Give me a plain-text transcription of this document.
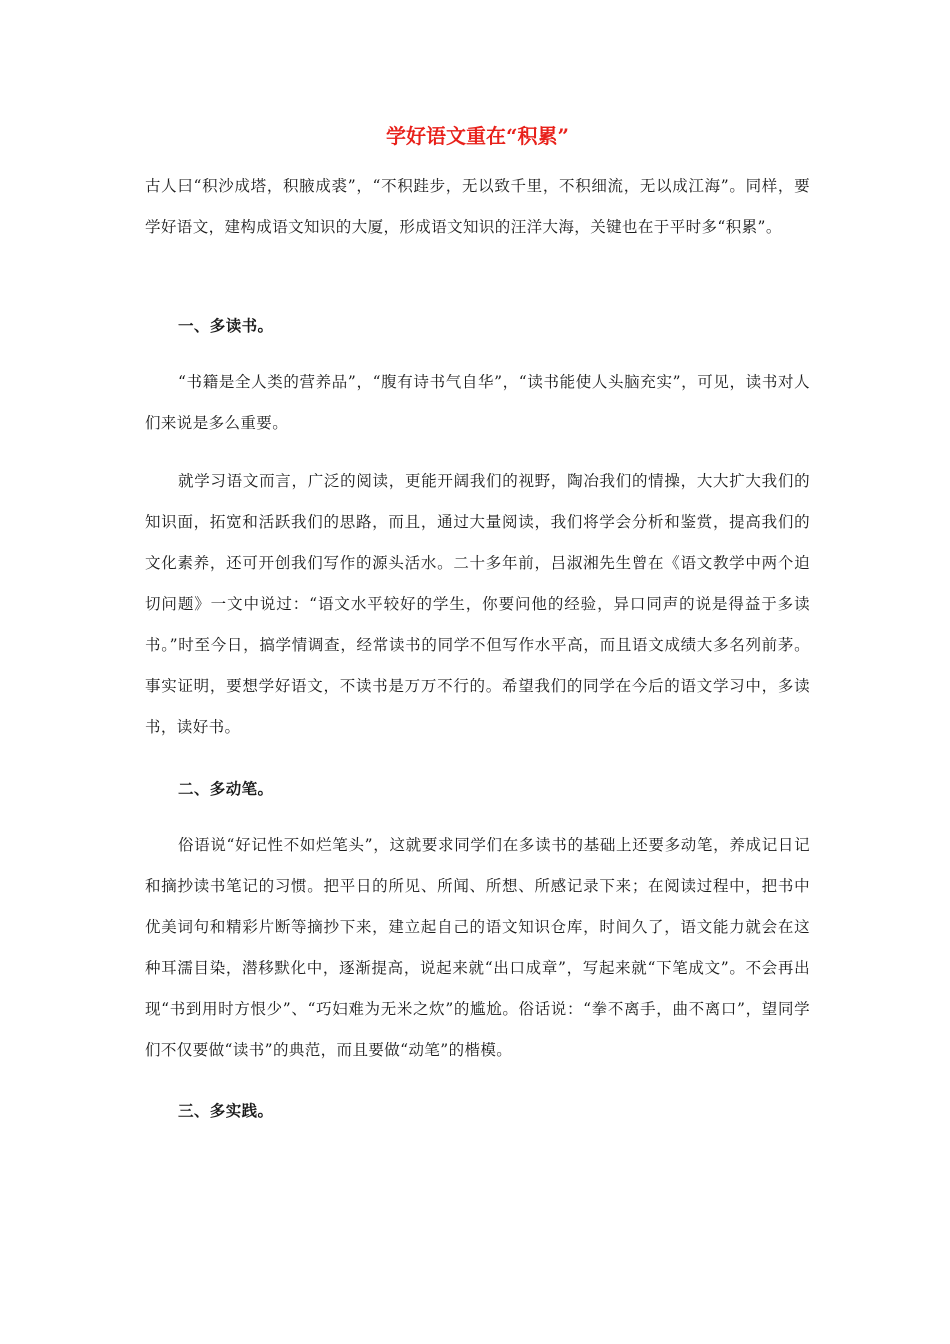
学好语文重在“积累”
古人曰“积沙成塔，积腋成裘”，“不积跬步，无以致千里，不积细流，无以成江海”。同样，要学好语文，建构成语文知识的大厦，形成语文知识的汪洋大海，关键也在于平时多“积累”。
一、多读书。
“书籍是全人类的营养品”，“腹有诗书气自华”，“读书能使人头脑充实”，可见，读书对人们来说是多么重要。
就学习语文而言，广泛的阅读，更能开阔我们的视野，陶冶我们的情操，大大扩大我们的知识面，拓宽和活跃我们的思路，而且，通过大量阅读，我们将学会分析和鉴赏，提高我们的文化素养，还可开创我们写作的源头活水。二十多年前，吕淑湘先生曾在《语文教学中两个迫切问题》一文中说过：“语文水平较好的学生，你要问他的经验，异口同声的说是得益于多读书。”时至今日，搞学情调查，经常读书的同学不但写作水平高，而且语文成绩大多名列前茅。事实证明，要想学好语文，不读书是万万不行的。希望我们的同学在今后的语文学习中，多读书，读好书。
二、多动笔。
俗语说“好记性不如烂笔头”，这就要求同学们在多读书的基础上还要多动笔，养成记日记和摘抄读书笔记的习惯。把平日的所见、所闻、所想、所感记录下来；在阅读过程中，把书中优美词句和精彩片断等摘抄下来，建立起自己的语文知识仓库，时间久了，语文能力就会在这种耳濡目染，潜移默化中，逐渐提高，说起来就“出口成章”，写起来就“下笔成文”。不会再出现“书到用时方恨少”、“巧妇难为无米之炊”的尴尬。俗话说：“拳不离手，曲不离口”，望同学们不仅要做“读书”的典范，而且要做“动笔”的楷模。
三、多实践。
